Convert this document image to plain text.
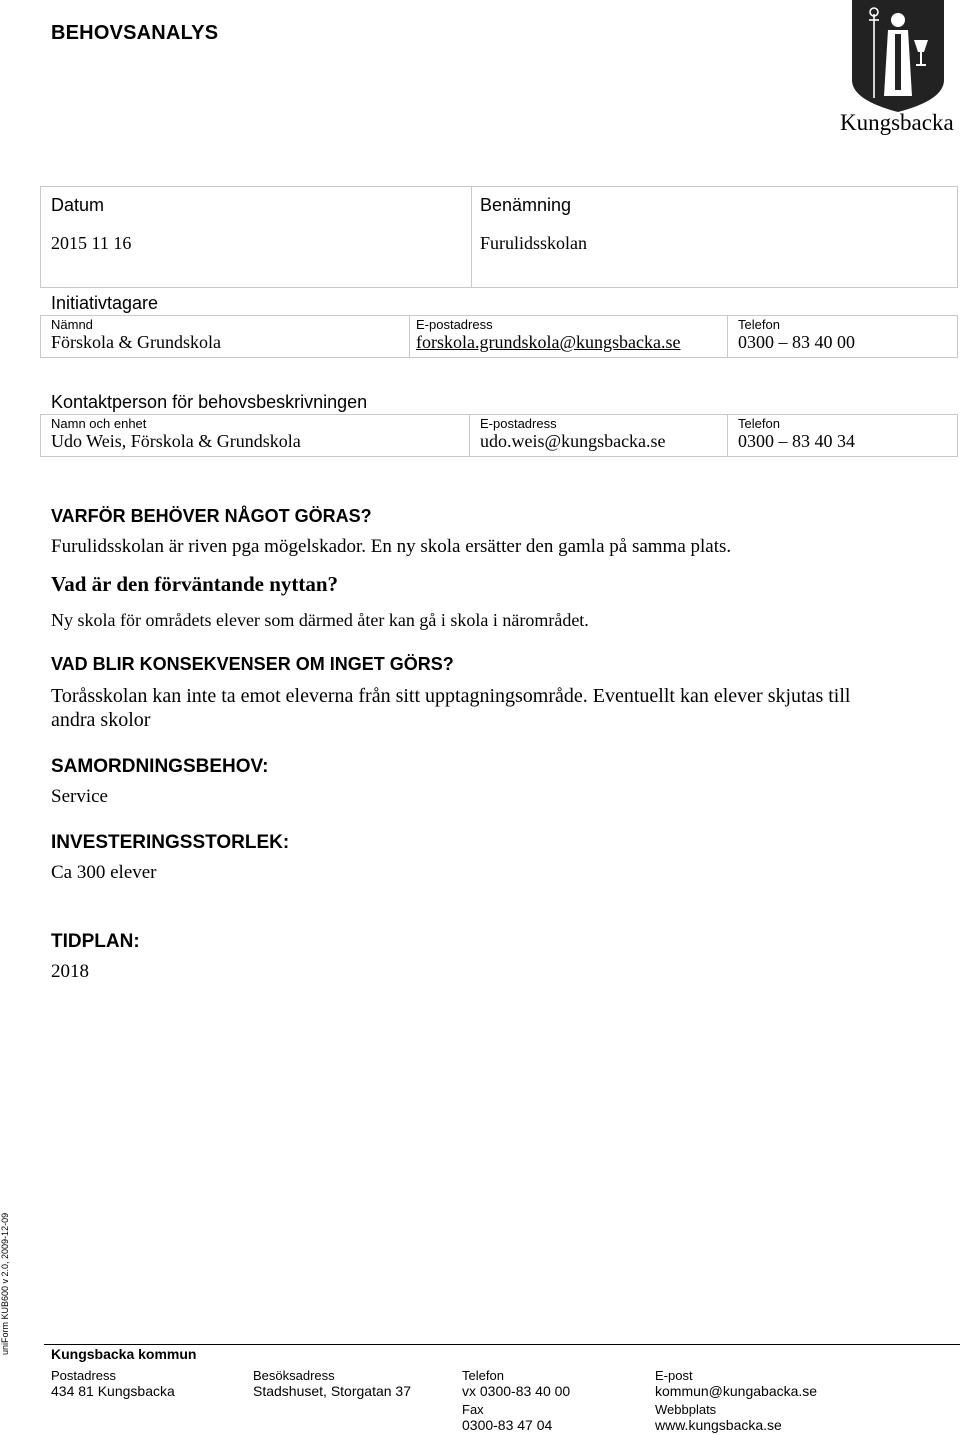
BEHOVSANALYS
Kungsbacka
Datum
2015 11 16
Benämning
Furulidsskolan
Initiativtagare
Nämnd
Förskola & Grundskola
E-postadress
forskola.grundskola@kungsbacka.se
Telefon
0300 – 83 40 00
Kontaktperson för behovsbeskrivningen
Namn och enhet
Udo Weis, Förskola & Grundskola
E-postadress
udo.weis@kungsbacka.se
Telefon
0300 – 83 40 34
VARFÖR BEHÖVER NÅGOT GÖRAS?
Furulidsskolan är riven pga mögelskador. En ny skola ersätter den gamla på samma plats.
Vad är den förväntande nyttan?
Ny skola för områdets elever som därmed åter kan gå i skola i närområdet.
VAD BLIR KONSEKVENSER OM INGET GÖRS?
Toråsskolan kan inte ta emot eleverna från sitt upptagningsområde. Eventuellt kan elever skjutas till
andra skolor
SAMORDNINGSBEHOV:
Service
INVESTERINGSSTORLEK:
Ca 300 elever
TIDPLAN:
2018
uniForm KUB600 v 2.0, 2009-12-09	Kungsbacka kommun
Postadress
434 81 Kungsbacka
Besöksadress
Stadshuset, Storgatan 37
Telefon
vx 0300-83 40 00
Fax
0300-83 47 04
E-post
kommun@kungabacka.se
Webbplats
www.kungsbacka.se
